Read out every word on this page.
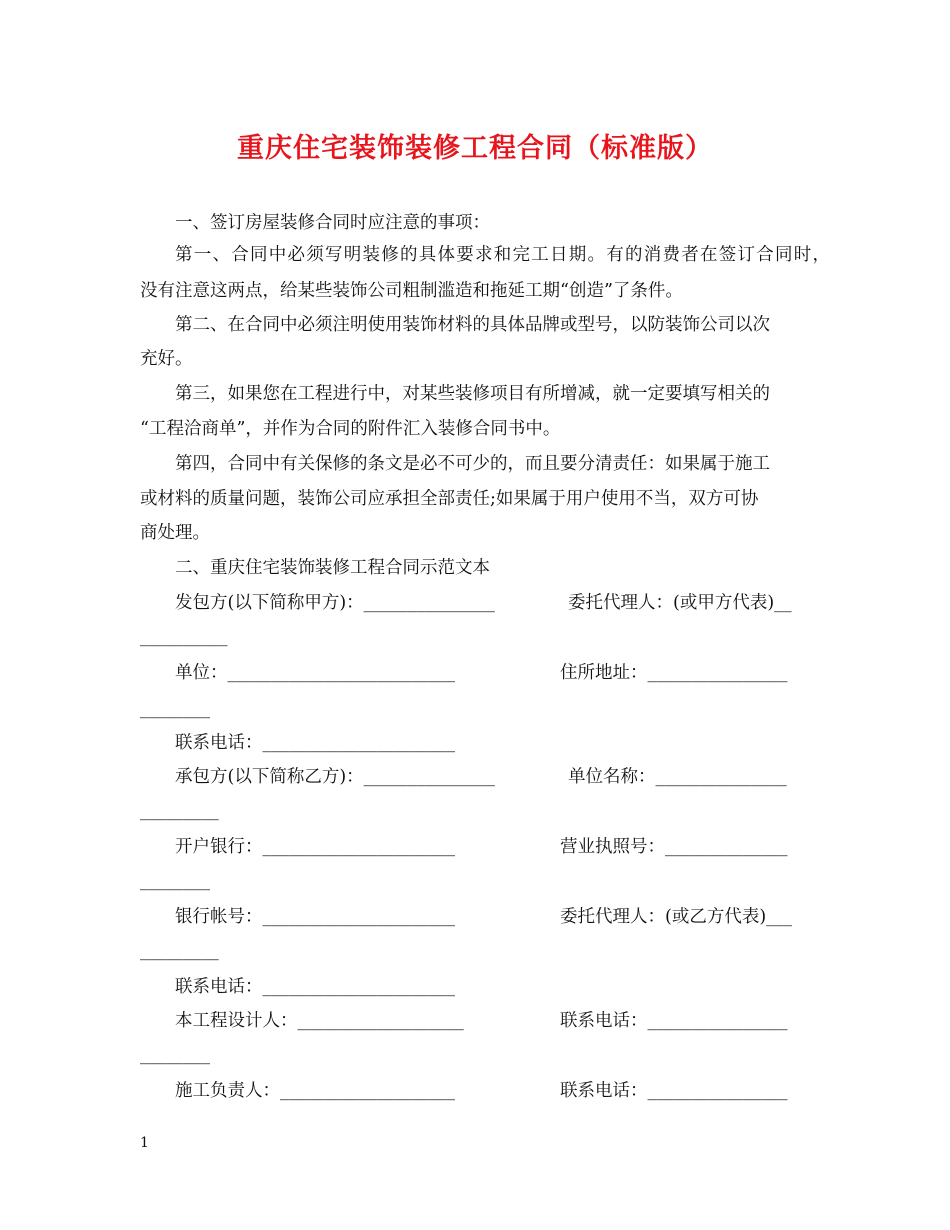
重庆住宅装饰装修工程合同（标准版）
一、签订房屋装修合同时应注意的事项：
第一、合同中必须写明装修的具体要求和完工日期。有的消费者在签订合同时，
没有注意这两点，给某些装饰公司粗制滥造和拖延工期“创造”了条件。
第二、在合同中必须注明使用装饰材料的具体品牌或型号，以防装饰公司以次
充好。
第三，如果您在工程进行中，对某些装修项目有所增减，就一定要填写相关的
“工程洽商单”，并作为合同的附件汇入装修合同书中。
第四，合同中有关保修的条文是必不可少的，而且要分清责任：如果属于施工
或材料的质量问题，装饰公司应承担全部责任;如果属于用户使用不当，双方可协
商处理。
二、重庆住宅装饰装修工程合同示范文本
发包方(以下简称甲方)：_______________	委托代理人：(或甲方代表)__
__________
单位：__________________________	住所地址：________________
________
联系电话：______________________
承包方(以下简称乙方)：_______________	单位名称：_______________
_________
开户银行：______________________	营业执照号：______________
________
银行帐号：______________________	委托代理人：(或乙方代表)___
_________
联系电话：______________________
本工程设计人：___________________	联系电话：________________
________
施工负责人：____________________	联系电话：________________
1
